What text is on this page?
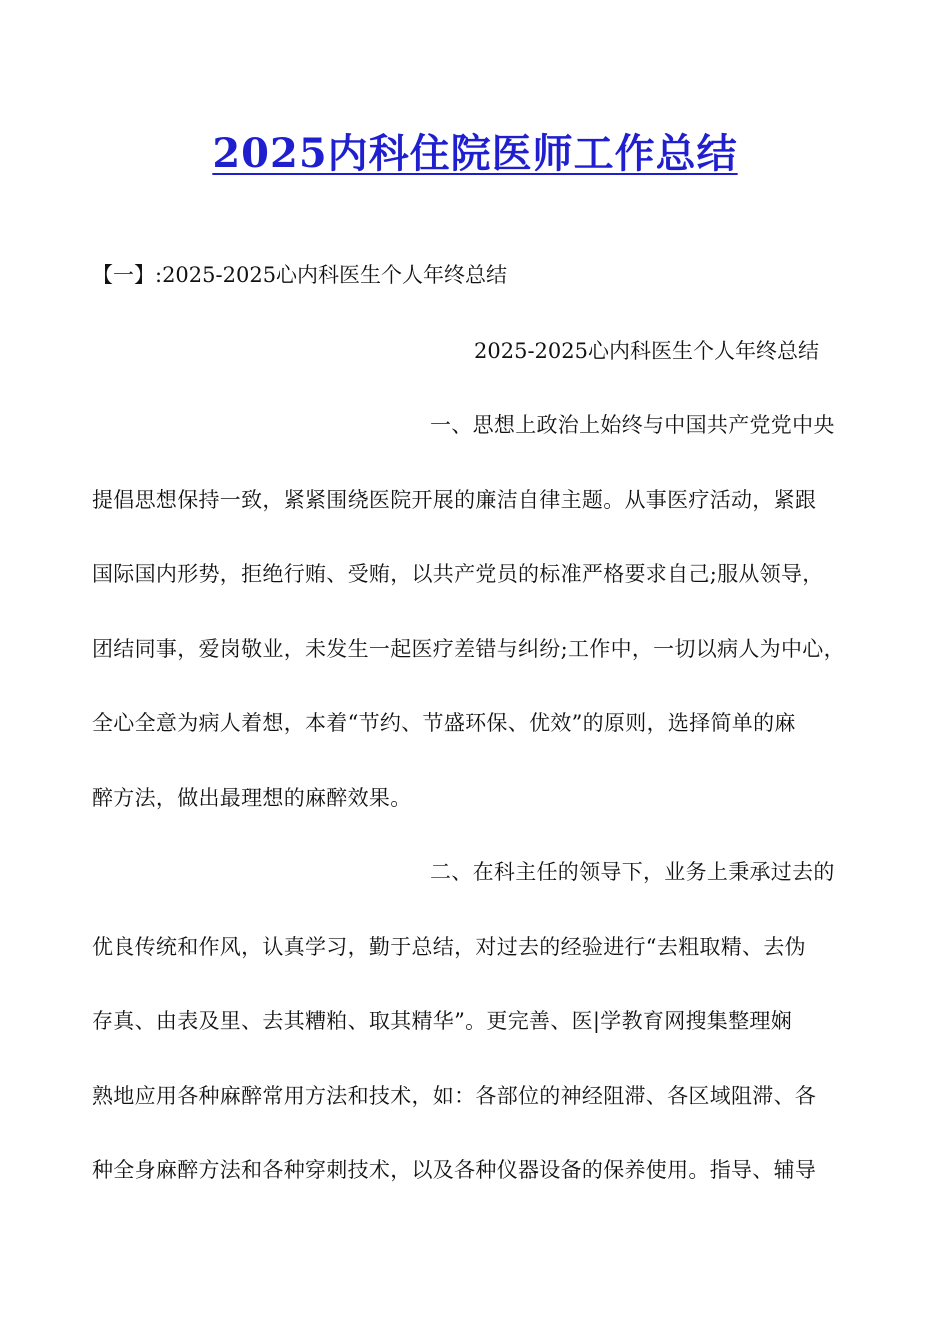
2025内科住院医师工作总结
【一】:2025-2025心内科医生个人年终总结
2025-2025心内科医生个人年终总结
一、思想上政治上始终与中国共产党党中央
提倡思想保持一致，紧紧围绕医院开展的廉洁自律主题。从事医疗活动，紧跟
国际国内形势，拒绝行贿、受贿，以共产党员的标准严格要求自己;服从领导，
团结同事，爱岗敬业，未发生一起医疗差错与纠纷;工作中，一切以病人为中心，
全心全意为病人着想，本着“节约、节盛环保、优效”的原则，选择简单的麻
醉方法，做出最理想的麻醉效果。
二、在科主任的领导下，业务上秉承过去的
优良传统和作风，认真学习，勤于总结，对过去的经验进行“去粗取精、去伪
存真、由表及里、去其糟粕、取其精华”。更完善、医|学教育网搜集整理娴
熟地应用各种麻醉常用方法和技术，如：各部位的神经阻滞、各区域阻滞、各
种全身麻醉方法和各种穿刺技术，以及各种仪器设备的保养使用。指导、辅导
